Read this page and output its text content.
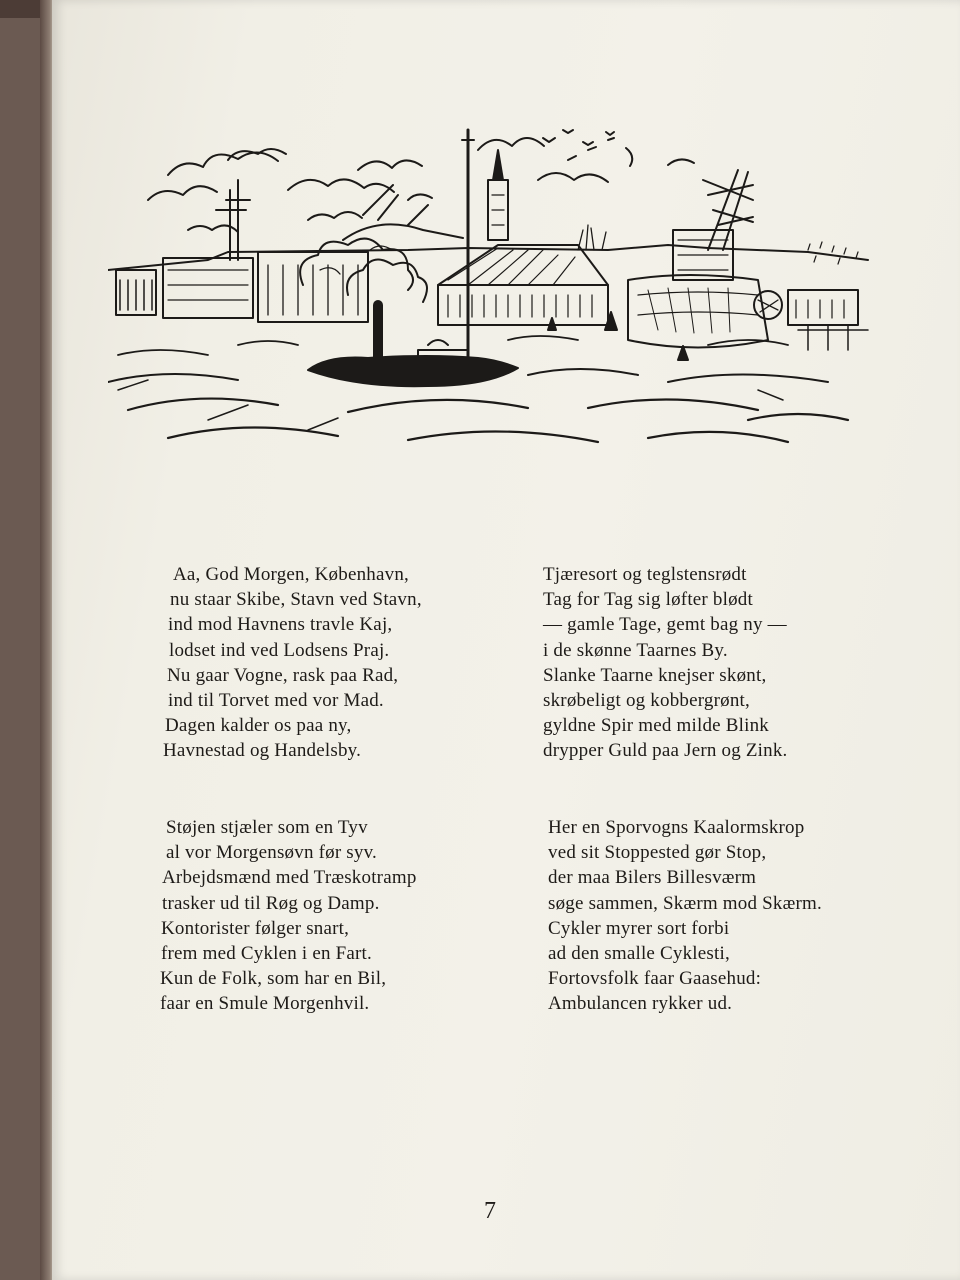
Aa, God Morgen, København,
nu staar Skibe, Stavn ved Stavn,
ind mod Havnens travle Kaj,
lodset ind ved Lodsens Praj.
Nu gaar Vogne, rask paa Rad,
ind til Torvet med vor Mad.
Dagen kalder os paa ny,
Havnestad og Handelsby.
Tjæresort og teglstensrødt
Tag for Tag sig løfter blødt
— gamle Tage, gemt bag ny —
i de skønne Taarnes By.
Slanke Taarne knejser skønt,
skrøbeligt og kobbergrønt,
gyldne Spir med milde Blink
drypper Guld paa Jern og Zink.
Støjen stjæler som en Tyv
al vor Morgensøvn før syv.
Arbejdsmænd med Træskotramp
trasker ud til Røg og Damp.
Kontorister følger snart,
frem med Cyklen i en Fart.
Kun de Folk, som har en Bil,
faar en Smule Morgenhvil.
Her en Sporvogns Kaalormskrop
ved sit Stoppested gør Stop,
der maa Bilers Billesværm
søge sammen, Skærm mod Skærm.
Cykler myrer sort forbi
ad den smalle Cyklesti,
Fortovsfolk faar Gaasehud:
Ambulancen rykker ud.
7
